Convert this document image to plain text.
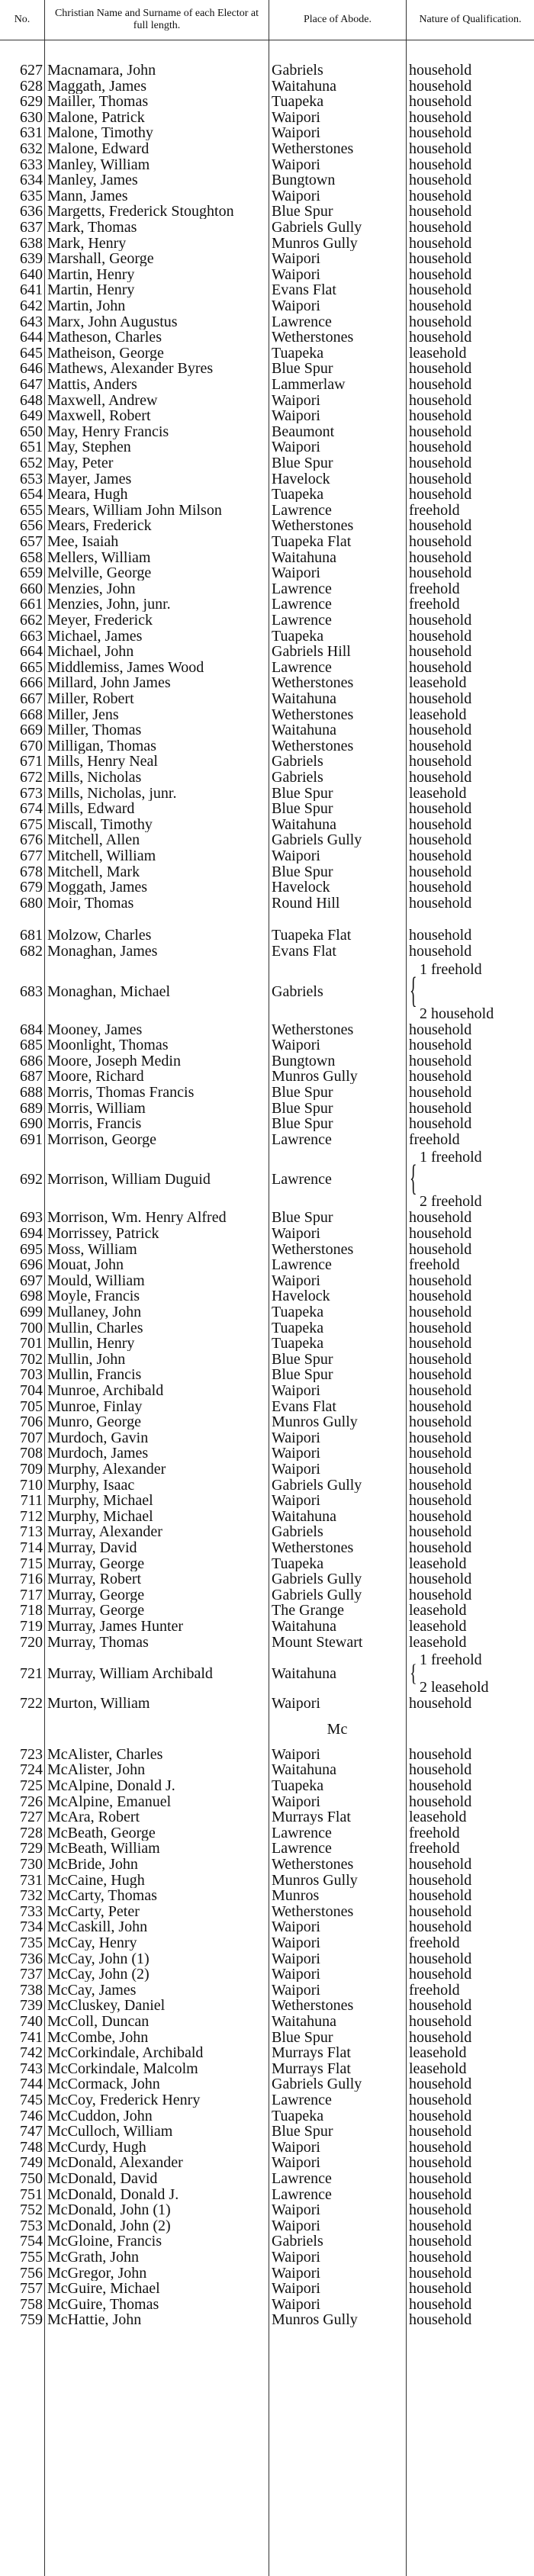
No.
Christian Name and Surname of each Elector at full length.
Place of Abode.	Nature of Qualification.
627 Macnamara, John	Gabriels	household
628 Maggath, James	Waitahuna	household
629 Mailler, Thomas	Tuapeka	household
630 Malone, Patrick	Waipori	household
631 Malone, Timothy	Waipori	household
632 Malone, Edward	Wetherstones	household
633 Manley, William	Waipori	household
634 Manley, James	Bungtown	household
635 Mann, James	Waipori	household
636 Margetts, Frederick Stoughton	Blue Spur	household
637 Mark, Thomas	Gabriels Gully	household
638 Mark, Henry	Munros Gully	household
639 Marshall, George	Waipori	household
640 Martin, Henry	Waipori	household
641 Martin, Henry	Evans Flat	household
642 Martin, John	Waipori	household
643 Marx, John Augustus	Lawrence	household
644 Matheson, Charles	Wetherstones	household
645 Matheison, George	Tuapeka	leasehold
646 Mathews, Alexander Byres	Blue Spur	household
647 Mattis, Anders	Lammerlaw	household
648 Maxwell, Andrew	Waipori	household
649 Maxwell, Robert	Waipori	household
650 May, Henry Francis	Beaumont	household
651 May, Stephen	Waipori	household
652 May, Peter	Blue Spur	household
653 Mayer, James	Havelock	household
654 Meara, Hugh	Tuapeka	household
655 Mears, William John Milson	Lawrence	freehold
656 Mears, Frederick	Wetherstones	household
657 Mee, Isaiah	Tuapeka Flat	household
658 Mellers, William	Waitahuna	household
659 Melville, George	Waipori	household
660 Menzies, John	Lawrence	freehold
661 Menzies, John, junr.	Lawrence	freehold
662 Meyer, Frederick	Lawrence	household
663 Michael, James	Tuapeka	household
664 Michael, John	Gabriels Hill	household
665 Middlemiss, James Wood	Lawrence	household
666 Millard, John James	Wetherstones	leasehold
667 Miller, Robert	Waitahuna	household
668 Miller, Jens	Wetherstones	leasehold
669 Miller, Thomas	Waitahuna	household
670 Milligan, Thomas	Wetherstones	household
671 Mills, Henry Neal	Gabriels	household
672 Mills, Nicholas	Gabriels	household
673 Mills, Nicholas, junr.	Blue Spur	leasehold
674 Mills, Edward	Blue Spur	household
675 Miscall, Timothy	Waitahuna	household
676 Mitchell, Allen	Gabriels Gully	household
677 Mitchell, William	Waipori	household
678 Mitchell, Mark	Blue Spur	household
679 Moggath, James	Havelock	household
680 Moir, Thomas	Round Hill	household
681 Molzow, Charles	Tuapeka Flat	household
682 Monaghan, James	Evans Flat	household
683 Monaghan, Michael	Gabriels	{
1 freehold
2 household
684 Mooney, James	Wetherstones	household
685 Moonlight, Thomas	Waipori	household
686 Moore, Joseph Medin	Bungtown	household
687 Moore, Richard	Munros Gully	household
688 Morris, Thomas Francis	Blue Spur	household
689 Morris, William	Blue Spur	household
690 Morris, Francis	Blue Spur	household
691 Morrison, George	Lawrence	freehold
692 Morrison, William Duguid	Lawrence	{
1 freehold
2 freehold
693 Morrison, Wm. Henry Alfred	Blue Spur	household
694 Morrissey, Patrick	Waipori	household
695 Moss, William	Wetherstones	household
696 Mouat, John	Lawrence	freehold
697 Mould, William	Waipori	household
698 Moyle, Francis	Havelock	household
699 Mullaney, John	Tuapeka	household
700 Mullin, Charles	Tuapeka	household
701 Mullin, Henry	Tuapeka	household
702 Mullin, John	Blue Spur	household
703 Mullin, Francis	Blue Spur	household
704 Munroe, Archibald	Waipori	household
705 Munroe, Finlay	Evans Flat	household
706 Munro, George	Munros Gully	household
707 Murdoch, Gavin	Waipori	household
708 Murdoch, James	Waipori	household
709 Murphy, Alexander	Waipori	household
710 Murphy, Isaac	Gabriels Gully	household
711 Murphy, Michael	Waipori	household
712 Murphy, Michael	Waitahuna	household
713 Murray, Alexander	Gabriels	household
714 Murray, David	Wetherstones	household
715 Murray, George	Tuapeka	leasehold
716 Murray, Robert	Gabriels Gully	household
717 Murray, George	Gabriels Gully	household
718 Murray, George	The Grange	leasehold
719 Murray, James Hunter	Waitahuna	leasehold
720 Murray, Thomas	Mount Stewart	leasehold
721 Murray, William Archibald	Waitahuna	{
1 freehold
2 leasehold
722 Murton, William	Waipori	household
Mc
723 McAlister, Charles	Waipori	household
724 McAlister, John	Waitahuna	household
725 McAlpine, Donald J.	Tuapeka	household
726 McAlpine, Emanuel	Waipori	household
727 McAra, Robert	Murrays Flat	leasehold
728 McBeath, George	Lawrence	freehold
729 McBeath, William	Lawrence	freehold
730 McBride, John	Wetherstones	household
731 McCaine, Hugh	Munros Gully	household
732 McCarty, Thomas	Munros	household
733 McCarty, Peter	Wetherstones	household
734 McCaskill, John	Waipori	household
735 McCay, Henry	Waipori	freehold
736 McCay, John (1)	Waipori	household
737 McCay, John (2)	Waipori	household
738 McCay, James	Waipori	freehold
739 McCluskey, Daniel	Wetherstones	household
740 McColl, Duncan	Waitahuna	household
741 McCombe, John	Blue Spur	household
742 McCorkindale, Archibald	Murrays Flat	leasehold
743 McCorkindale, Malcolm	Murrays Flat	leasehold
744 McCormack, John	Gabriels Gully	household
745 McCoy, Frederick Henry	Lawrence	household
746 McCuddon, John	Tuapeka	household
747 McCulloch, William	Blue Spur	household
748 McCurdy, Hugh	Waipori	household
749 McDonald, Alexander	Waipori	household
750 McDonald, David	Lawrence	household
751 McDonald, Donald J.	Lawrence	household
752 McDonald, John (1)	Waipori	household
753 McDonald, John (2)	Waipori	household
754 McGloine, Francis	Gabriels	household
755 McGrath, John	Waipori	household
756 McGregor, John	Waipori	household
757 McGuire, Michael	Waipori	household
758 McGuire, Thomas	Waipori	household
759 McHattie, John	Munros Gully	household
